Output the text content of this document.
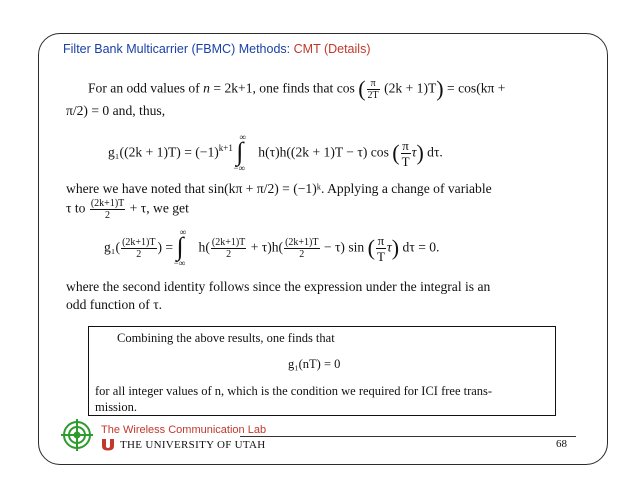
Filter Bank Multicarrier (FBMC) Methods: CMT (Details)
For an odd values of n = 2k+1, one finds that cos ( $\frac{\pi}{2T} (2k + 1)T) = \cos(k\pi$ +
π/2) = 0 and, thus,
$g_1((2k + 1)T) = (-1)^{k+1}$ ∫
∞
−∞
h(τ)h((2k + 1)T − τ) cos ( $\frac{\pi}{T} \tau$) dτ.
where we have noted that sin(kπ + π/2) = (−1)ᵏ. Applying a change of variable
τ to $\frac{(2k+1)T}{2} + \tau$, we get
$g_1( \frac{(2k+1)T}{2}$ ) = ∫
∞
−∞
$h( \frac{(2k+1)T}{2} + \tau)h( \frac{(2k+1)T}{2} - \tau)$ sin ( $\frac{\pi}{T} \tau$) dτ = 0.
where the second identity follows since the expression under the integral is an
odd function of τ.
Combining the above results, one finds that
g₁(nT) = 0
for all integer values of n, which is the condition we required for ICI free trans-
mission.
The Wireless Communication Lab
THE UNIVERSITY OF UTAH	68
